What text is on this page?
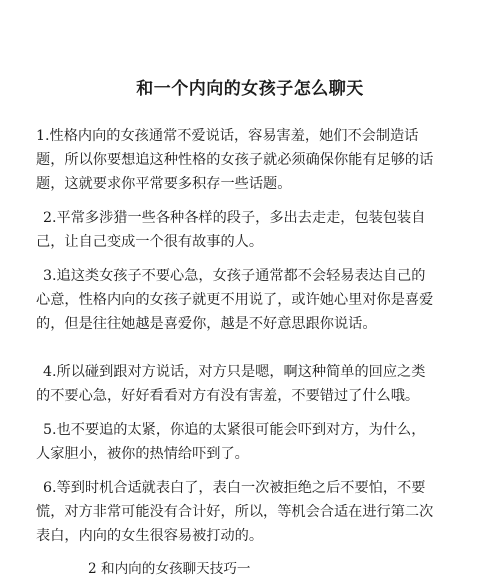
和一个内向的女孩子怎么聊天

1.性格内向的女孩通常不爱说话，容易害羞，她们不会制造话
题，所以你要想追这种性格的女孩子就必须确保你能有足够的话
题，这就要求你平常要多积存一些话题。

2.平常多涉猎一些各种各样的段子，多出去走走，包装包装自
己，让自己变成一个很有故事的人。

3.追这类女孩子不要心急，女孩子通常都不会轻易表达自己的
心意，性格内向的女孩子就更不用说了，或许她心里对你是喜爱
的，但是往往她越是喜爱你，越是不好意思跟你说话。

4.所以碰到跟对方说话，对方只是嗯，啊这种简单的回应之类
的不要心急，好好看看对方有没有害羞，不要错过了什么哦。

5.也不要追的太紧，你追的太紧很可能会吓到对方，为什么，
人家胆小，被你的热情给吓到了。

6.等到时机合适就表白了，表白一次被拒绝之后不要怕，不要
慌，对方非常可能没有合计好，所以，等机会合适在进行第二次
表白，内向的女生很容易被打动的。

2 和内向的女孩聊天技巧一
